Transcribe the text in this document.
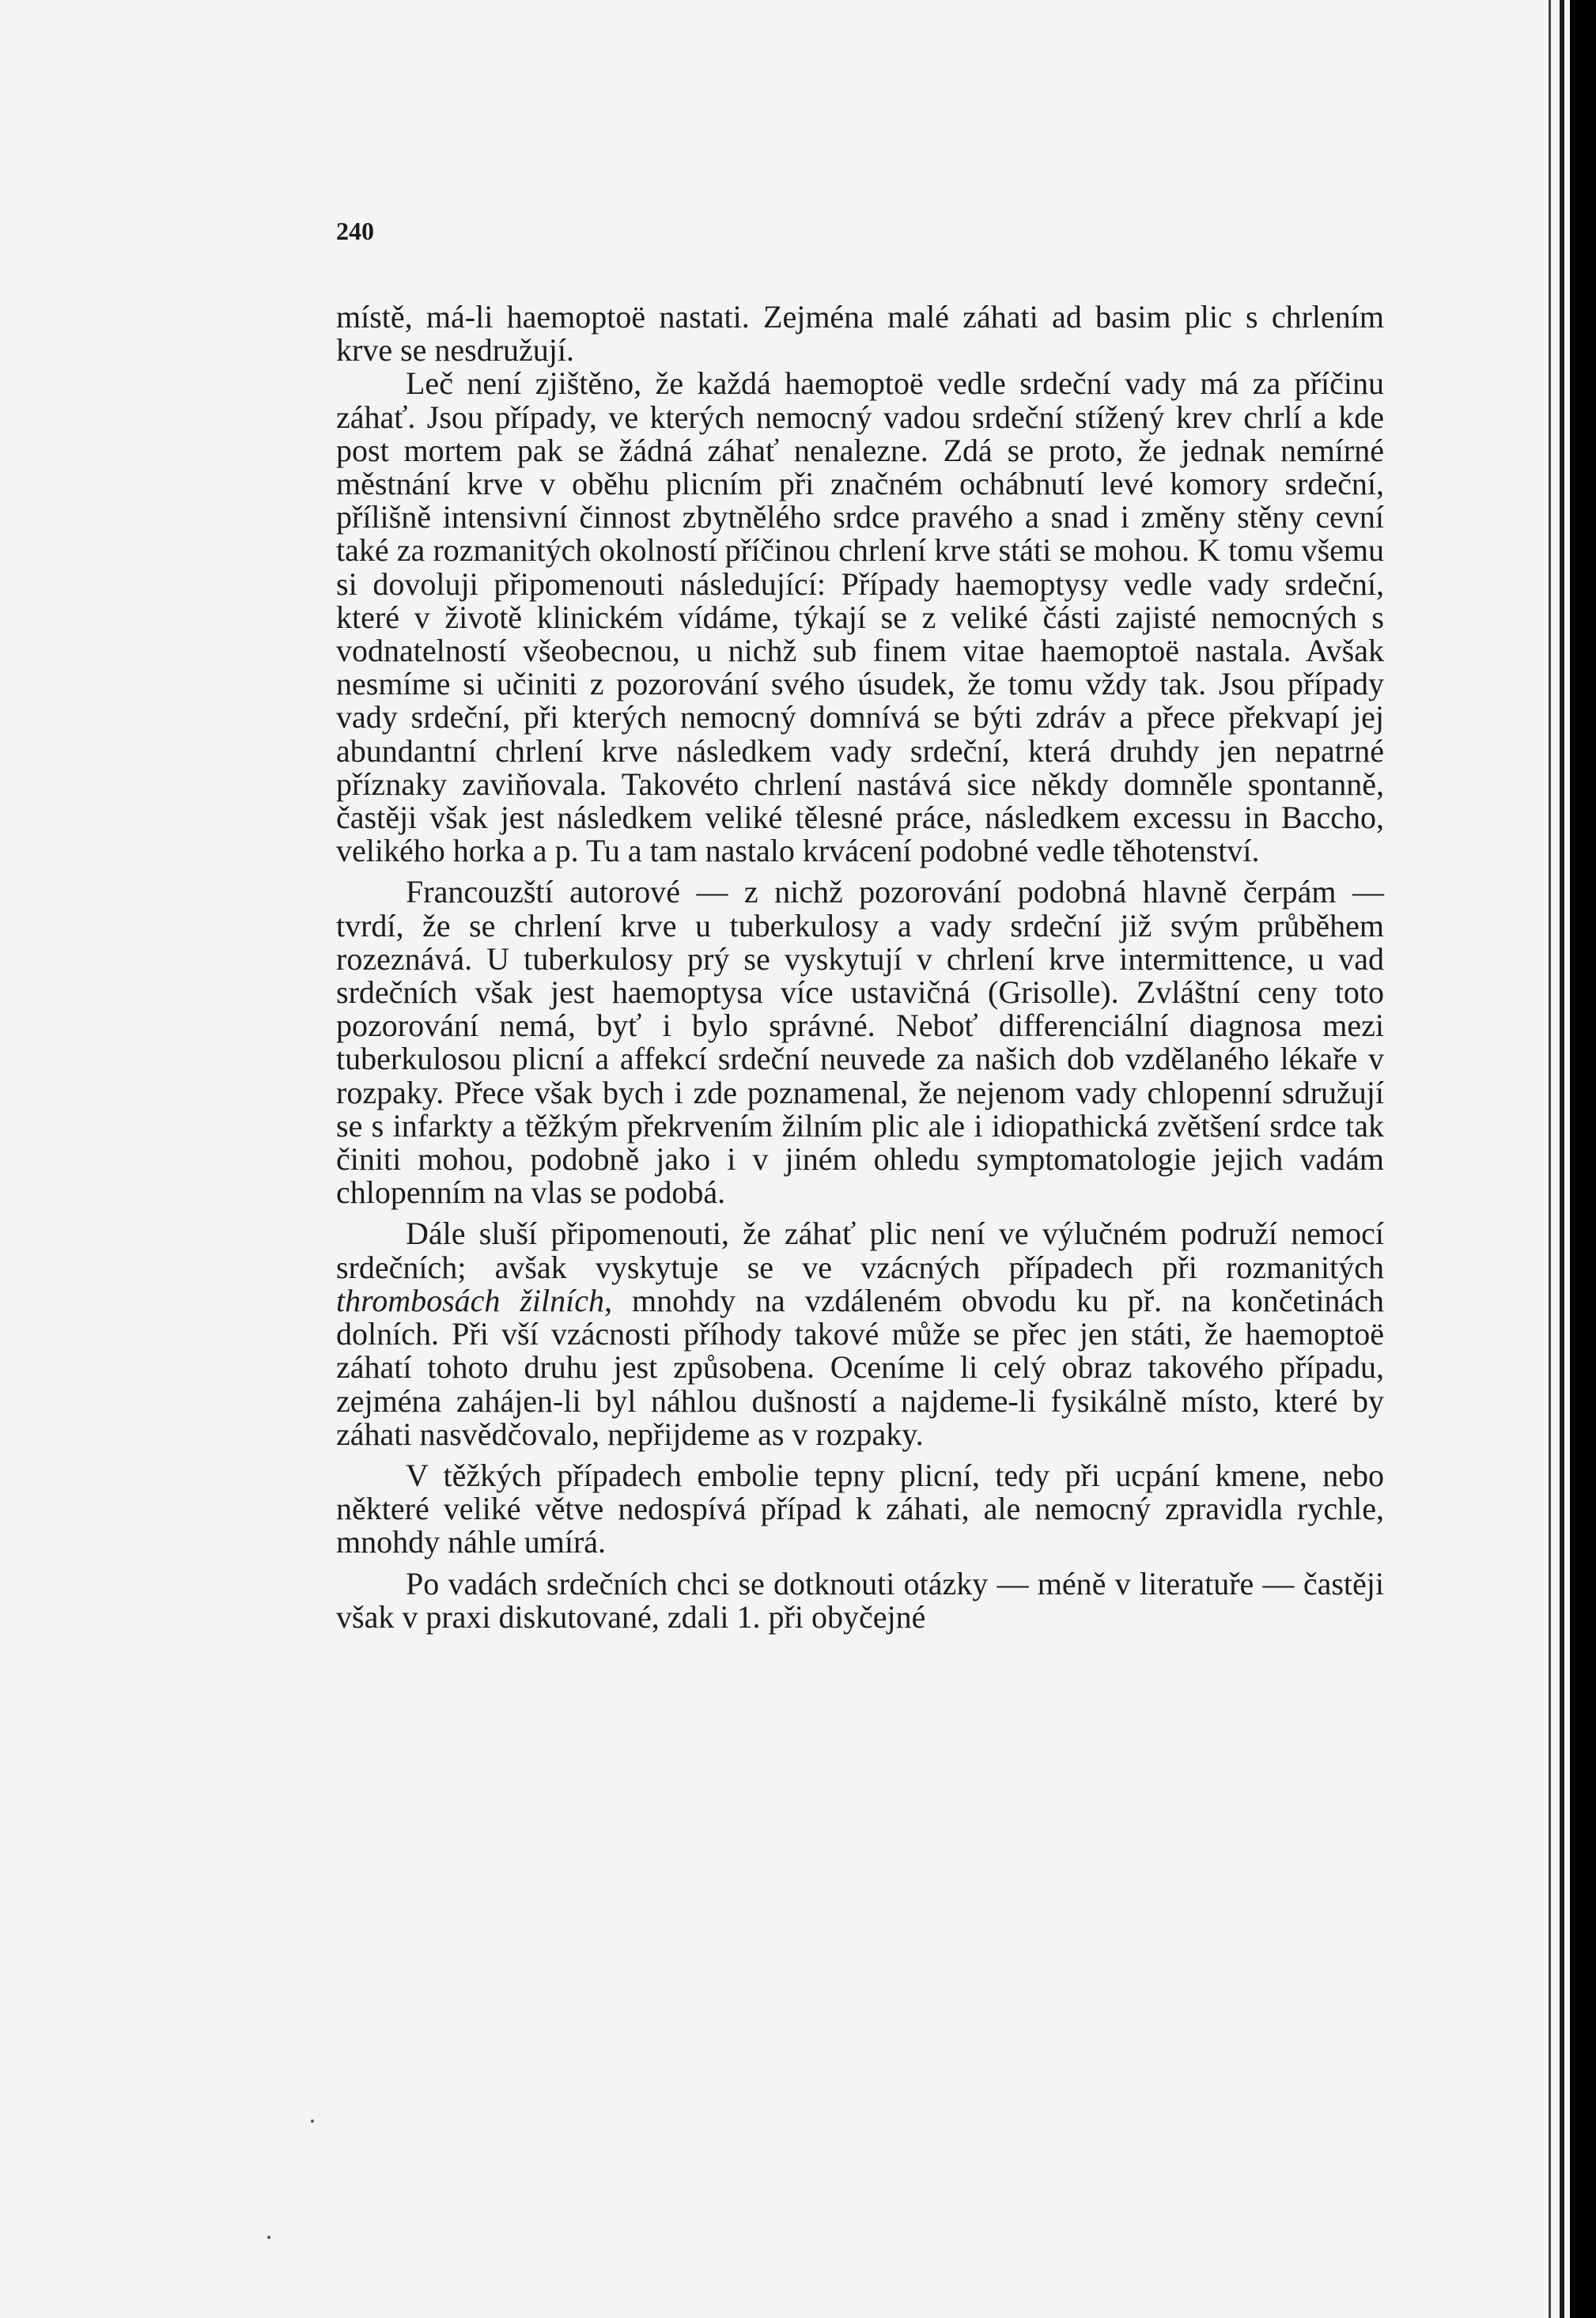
240

místě, má-li haemoptoë nastati. Zejména malé záhati ad basim plic s chrlením krve se nesdružují.

Leč není zjištěno, že každá haemoptoë vedle srdeční vady má za příčinu záhať. Jsou případy, ve kterých nemocný vadou srdeční stížený krev chrlí a kde post mortem pak se žádná záhať nenalezne. Zdá se proto, že jednak nemírné městnání krve v oběhu plicním při značném ochábnutí levé komory srdeční, přílišně intensivní činnost zbytnělého srdce pravého a snad i změny stěny cevní také za rozmanitých okolností příčinou chrlení krve státi se mohou. K tomu všemu si dovoluji připomenouti následující: Případy haemoptysy vedle vady srdeční, které v životě klinickém vídáme, týkají se z veliké části zajisté nemocných s vodnatelností všeobecnou, u nichž sub finem vitae haemoptoë nastala. Avšak nesmíme si učiniti z pozorování svého úsudek, že tomu vždy tak. Jsou případy vady srdeční, při kterých nemocný domnívá se býti zdráv a přece překvapí jej abundantní chrlení krve následkem vady srdeční, která druhdy jen nepatrné příznaky zaviňovala. Takovéto chrlení nastává sice někdy domněle spontanně, častěji však jest následkem veliké tělesné práce, následkem excessu in Baccho, velikého horka a p. Tu a tam nastalo krvácení podobné vedle těhotenství.

Francouzští autorové — z nichž pozorování podobná hlavně čerpám — tvrdí, že se chrlení krve u tuberkulosy a vady srdeční již svým průběhem rozeznává. U tuberkulosy prý se vyskytují v chrlení krve intermittence, u vad srdečních však jest haemoptysa více ustavičná (Grisolle). Zvláštní ceny toto pozorování nemá, byť i bylo správné. Neboť differenciální diagnosa mezi tuberkulosou plicní a affekcí srdeční neuvede za našich dob vzdělaného lékaře v rozpaky. Přece však bych i zde poznamenal, že nejenom vady chlopenní sdružují se s infarkty a těžkým překrvením žilním plic ale i idiopathická zvětšení srdce tak činiti mohou, podobně jako i v jiném ohledu symptomatologie jejich vadám chlopenním na vlas se podobá.

Dále sluší připomenouti, že záhať plic není ve výlučném podruží nemocí srdečních; avšak vyskytuje se ve vzácných případech při rozmanitých thrombosách žilních, mnohdy na vzdáleném obvodu ku př. na končetinách dolních. Při vší vzácnosti příhody takové může se přec jen státi, že haemoptoë záhatí tohoto druhu jest způsobena. Oceníme li celý obraz takového případu, zejména zahájen-li byl náhlou dušností a najdeme-li fysikálně místo, které by záhati nasvědčovalo, nepřijdeme as v rozpaky.

V těžkých případech embolie tepny plicní, tedy při ucpání kmene, nebo některé veliké větve nedospívá případ k záhati, ale nemocný zpravidla rychle, mnohdy náhle umírá.

Po vadách srdečních chci se dotknouti otázky — méně v literatuře — častěji však v praxi diskutované, zdali 1. při obyčejné
